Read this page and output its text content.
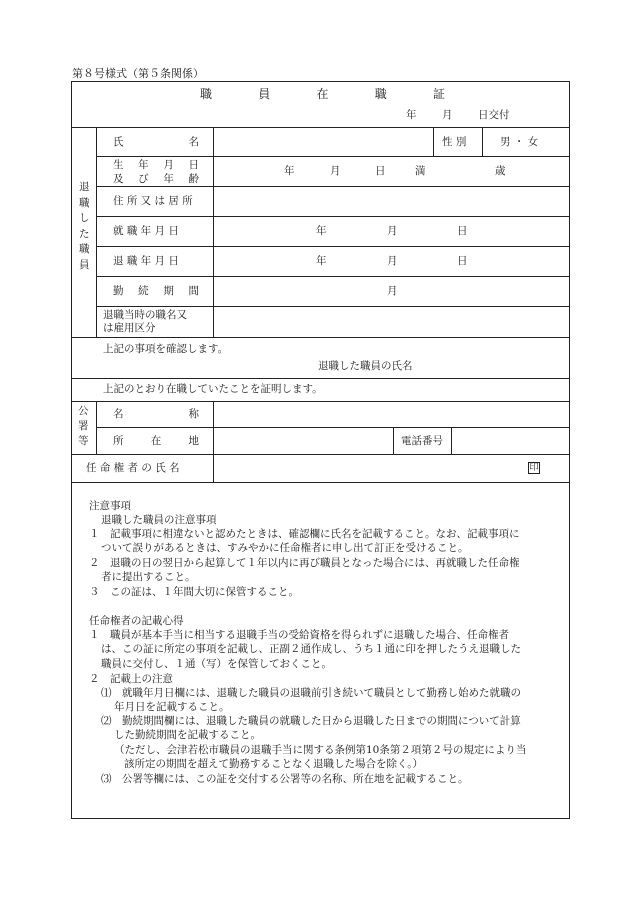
第８号様式（第５条関係）
職	員	在	職	証
年 月 日交付
退
職
し
た
職
員
氏	名	性 別	男 ・ 女
生 年 月 日
及 び 年 齢
年	月	日	満	歳
住 所 又 は 居 所
就 職 年 月 日	年	月	日
退 職 年 月 日	年	月	日
勤 続 期 間	月
退職当時の職名又
は雇用区分
上記の事項を確認します。
退職した職員の氏名
上記のとおり在職していたことを証明します。
公
署
等
名	称
所	在	地	電話番号
任 命 権 者 の 氏 名	印
注意事項
退職した職員の注意事項
１　記載事項に相違ないと認めたときは、確認欄に氏名を記載すること。なお、記載事項に
ついて誤りがあるときは、すみやかに任命権者に申し出て訂正を受けること。
２　退職の日の翌日から起算して１年以内に再び職員となった場合には、再就職した任命権
者に提出すること。
３　この証は、１年間大切に保管すること。
任命権者の記載心得
１　職員が基本手当に相当する退職手当の受給資格を得られずに退職した場合、任命権者
は、この証に所定の事項を記載し、正副２通作成し、うち１通に印を押したうえ退職した
職員に交付し、１通（写）を保管しておくこと。
２　記載上の注意
⑴　就職年月日欄には、退職した職員の退職前引き続いて職員として勤務し始めた就職の
年月日を記載すること。
⑵　勤続期間欄には、退職した職員の就職した日から退職した日までの期間について計算
した勤続期間を記載すること。
（ただし、会津若松市職員の退職手当に関する条例第10条第２項第２号の規定により当
該所定の期間を超えて勤務することなく退職した場合を除く。）
⑶　公署等欄には、この証を交付する公署等の名称、所在地を記載すること。
